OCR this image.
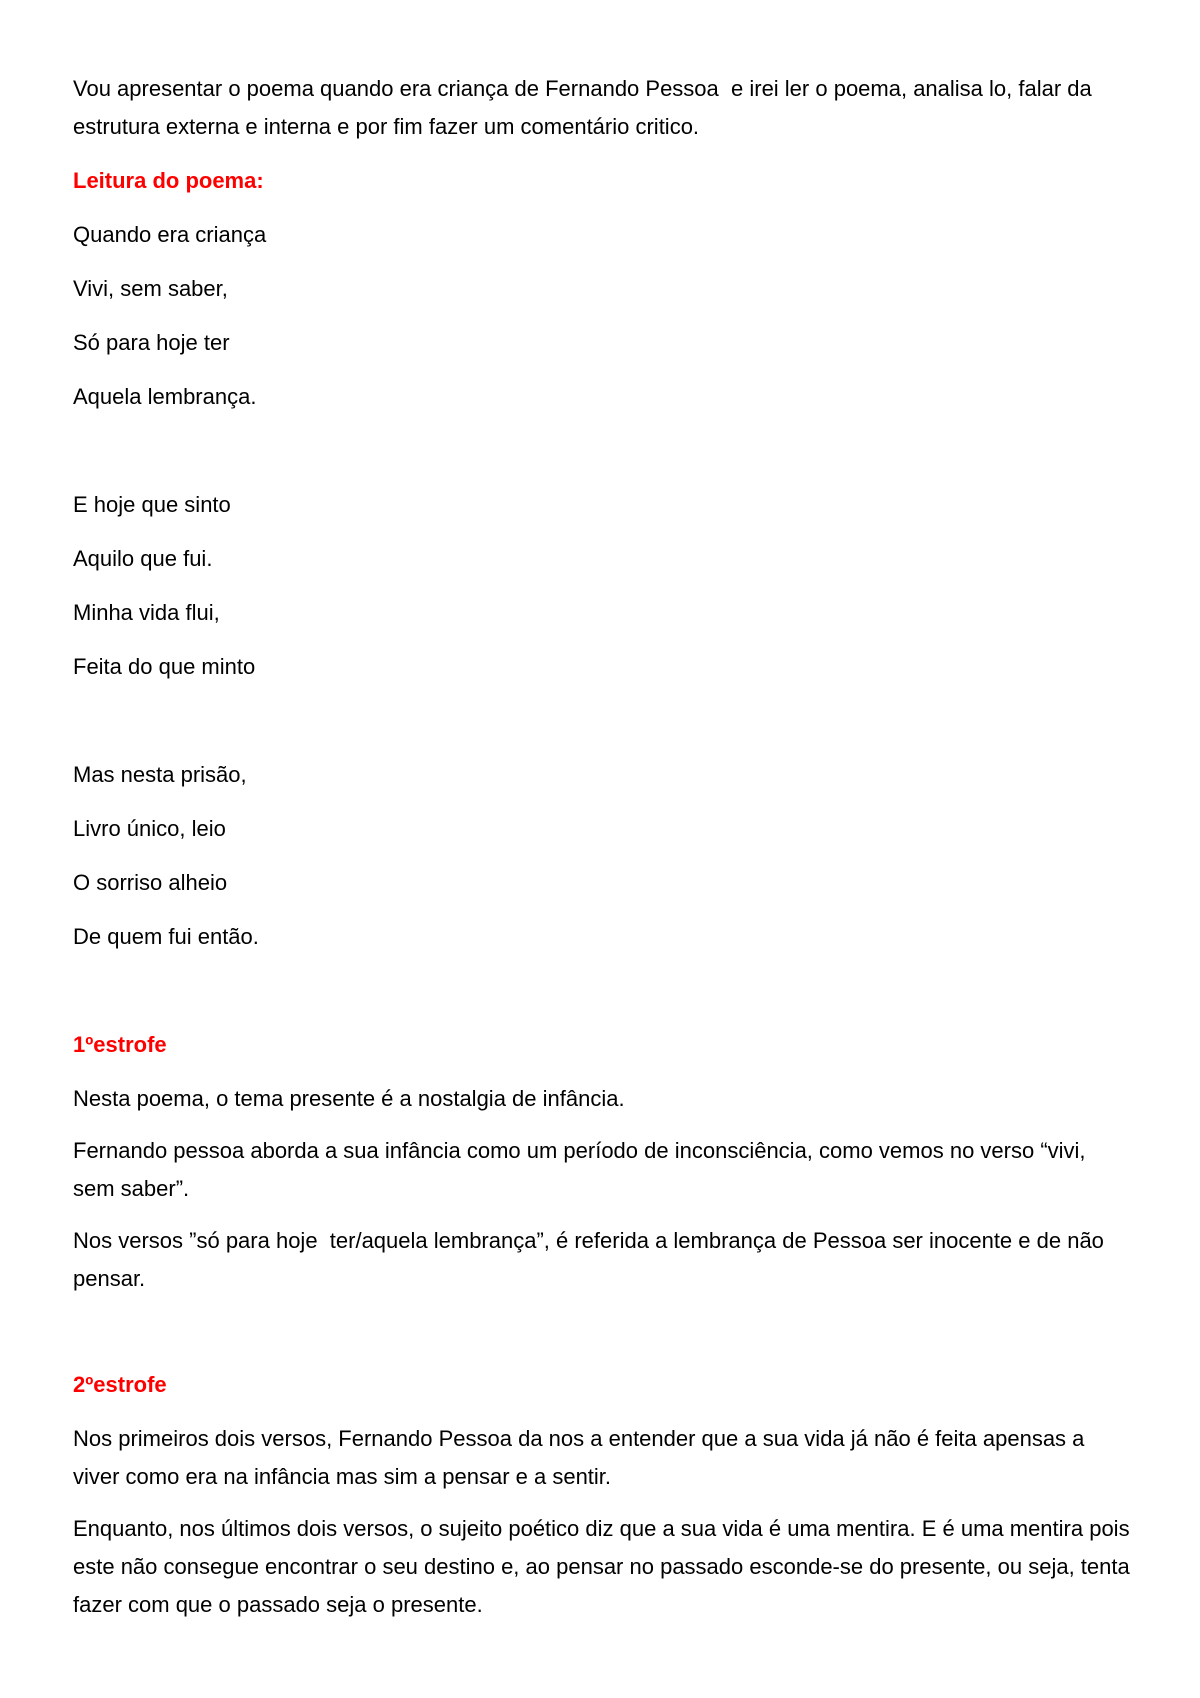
Vou apresentar o poema quando era criança de Fernando Pessoa  e irei ler o poema, analisa lo, falar da estrutura externa e interna e por fim fazer um comentário critico.

Leitura do poema:

Quando era criança

Vivi, sem saber,

Só para hoje ter

Aquela lembrança.

E hoje que sinto

Aquilo que fui.

Minha vida flui,

Feita do que minto

Mas nesta prisão,

Livro único, leio

O sorriso alheio

De quem fui então.

1ºestrofe

Nesta poema, o tema presente é a nostalgia de infância.

Fernando pessoa aborda a sua infância como um período de inconsciência, como vemos no verso “vivi, sem saber”.

Nos versos ”só para hoje  ter/aquela lembrança”, é referida a lembrança de Pessoa ser inocente e de não pensar.

2ºestrofe

Nos primeiros dois versos, Fernando Pessoa da nos a entender que a sua vida já não é feita apensas a viver como era na infância mas sim a pensar e a sentir.

Enquanto, nos últimos dois versos, o sujeito poético diz que a sua vida é uma mentira. E é uma mentira pois este não consegue encontrar o seu destino e, ao pensar no passado esconde-se do presente, ou seja, tenta fazer com que o passado seja o presente.
